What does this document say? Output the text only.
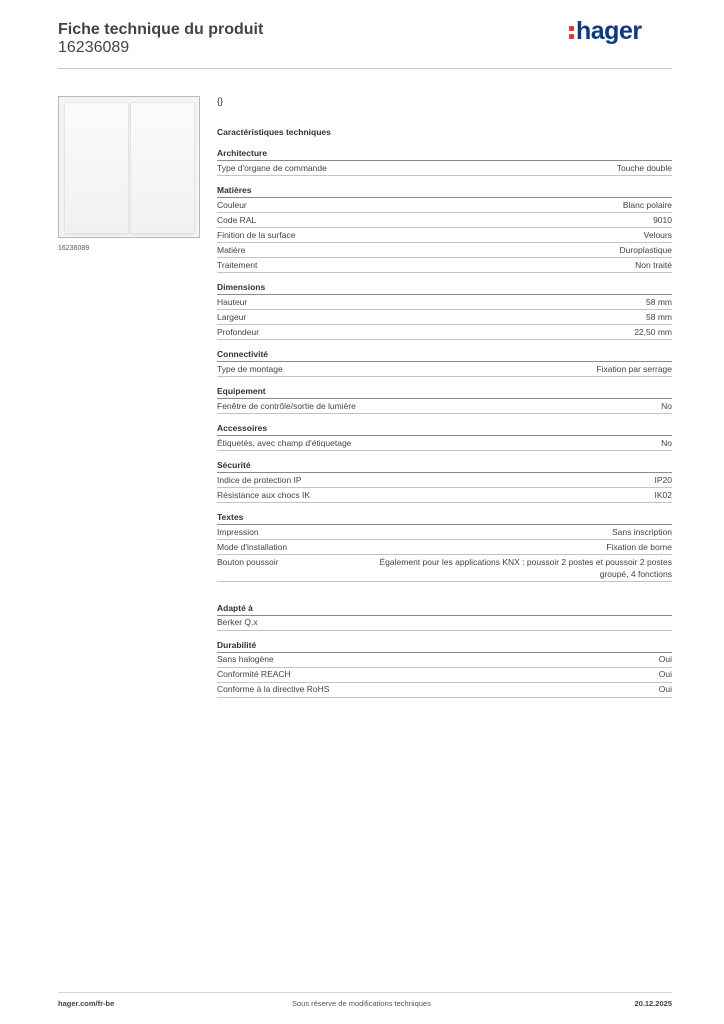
Fiche technique du produit
16236089
hager
16236089
{}
Caractéristiques techniques
Architecture
Type d'organe de commande	Touche double
Matières
Couleur	Blanc polaire
Code RAL	9010
Finition de la surface	Velours
Matière	Duroplastique
Traitement	Non traité
Dimensions
Hauteur	58 mm
Largeur	58 mm
Profondeur	22,50 mm
Connectivité
Type de montage	Fixation par serrage
Equipement
Fenêtre de contrôle/sortie de lumière	No
Accessoires
Étiquetés, avec champ d'étiquetage	No
Sécurité
Indice de protection IP	IP20
Résistance aux chocs IK	IK02
Textes
Impression	Sans inscription
Mode d'installation	Fixation de borne
Bouton poussoir	Également pour les applications KNX : poussoir 2 postes et poussoir 2 postes groupé, 4 fonctions
Adapté à
Berker Q.x
Durabilité
Sans halogène	Oui
Conformité REACH	Oui
Conforme à la directive RoHS	Oui
hager.com/fr-be	Sous réserve de modifications techniques	20.12.2025
